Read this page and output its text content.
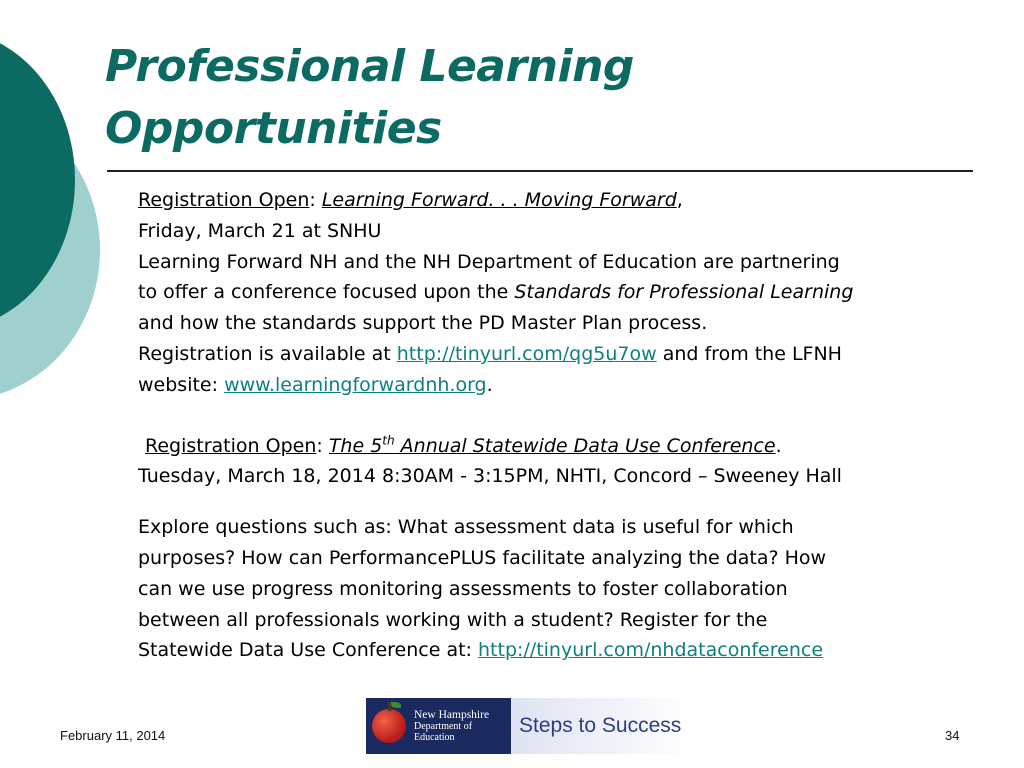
Professional Learning
Opportunities

Registration Open: Learning Forward. . . Moving Forward,

Friday, March 21 at SNHU

Learning Forward NH and the NH Department of Education are partnering

to offer a conference focused upon the Standards for Professional Learning

and how the standards support the PD Master Plan process.

Registration is available at http://tinyurl.com/qg5u7ow and from the LFNH

website: www.learningforwardnh.org.

Registration Open: The 5th Annual Statewide Data Use Conference.

Tuesday, March 18, 2014 8:30AM - 3:15PM, NHTI, Concord – Sweeney Hall

Explore questions such as: What assessment data is useful for which

purposes? How can PerformancePLUS facilitate analyzing the data? How

can we use progress monitoring assessments to foster collaboration

between all professionals working with a student? Register for the

Statewide Data Use Conference at: http://tinyurl.com/nhdataconference

February 11, 2014	34
New Hampshire
Department of
Education	Steps to Success
